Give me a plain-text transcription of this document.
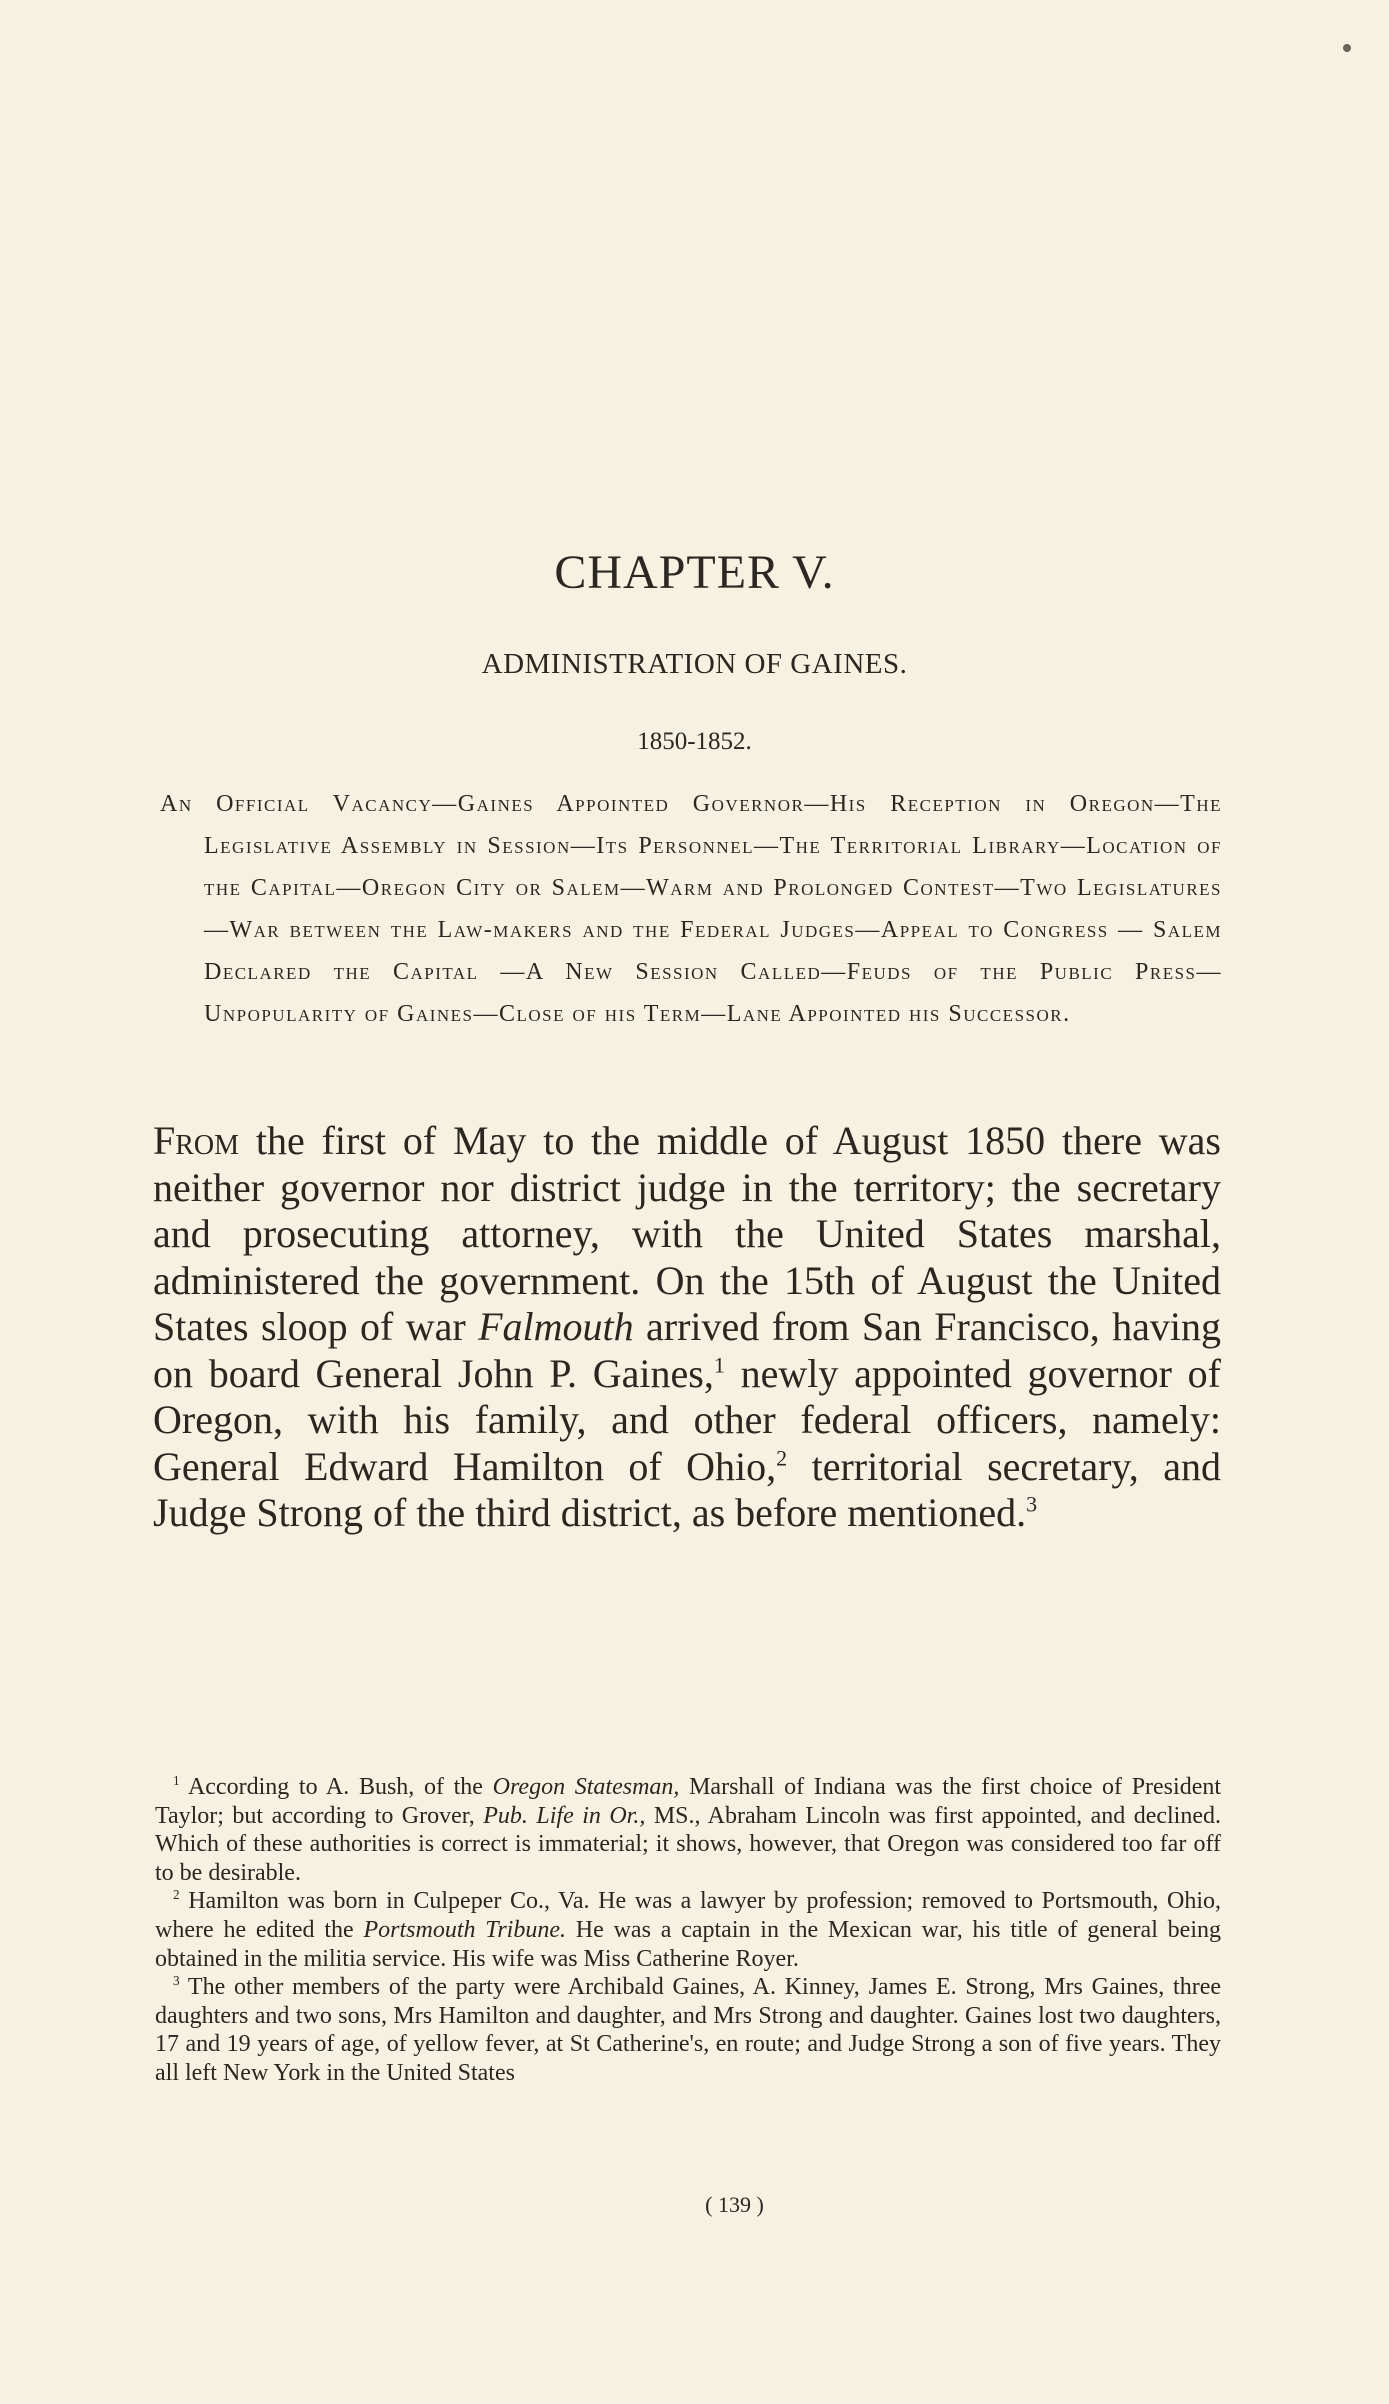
CHAPTER V.
ADMINISTRATION OF GAINES.
1850-1852.
An Official Vacancy—Gaines Appointed Governor—His Reception in Oregon—The Legislative Assembly in Session—Its Personnel—The Territorial Library—Location of the Capital—Oregon City or Salem—Warm and Prolonged Contest—Two Legislatures—War between the Law-makers and the Federal Judges—Appeal to Congress — Salem Declared the Capital —A New Session Called—Feuds of the Public Press—Unpopularity of Gaines—Close of his Term—Lane Appointed his Successor.
From the first of May to the middle of August 1850 there was neither governor nor district judge in the territory; the secretary and prosecuting attorney, with the United States marshal, administered the government. On the 15th of August the United States sloop of war Falmouth arrived from San Francisco, having on board General John P. Gaines,$^1$ newly appointed governor of Oregon, with his family, and other federal officers, namely: General Edward Hamilton of Ohio,$^2$ territorial secretary, and Judge Strong of the third district, as before mentioned.$^3$

$^1$ According to A. Bush, of the Oregon Statesman, Marshall of Indiana was the first choice of President Taylor; but according to Grover, Pub. Life in Or., MS., Abraham Lincoln was first appointed, and declined. Which of these authorities is correct is immaterial; it shows, however, that Oregon was considered too far off to be desirable.

$^2$ Hamilton was born in Culpeper Co., Va. He was a lawyer by profession; removed to Portsmouth, Ohio, where he edited the Portsmouth Tribune. He was a captain in the Mexican war, his title of general being obtained in the militia service. His wife was Miss Catherine Royer.

$^3$ The other members of the party were Archibald Gaines, A. Kinney, James E. Strong, Mrs Gaines, three daughters and two sons, Mrs Hamilton and daughter, and Mrs Strong and daughter. Gaines lost two daughters, 17 and 19 years of age, of yellow fever, at St Catherine's, en route; and Judge Strong a son of five years. They all left New York in the United States

( 139 )
